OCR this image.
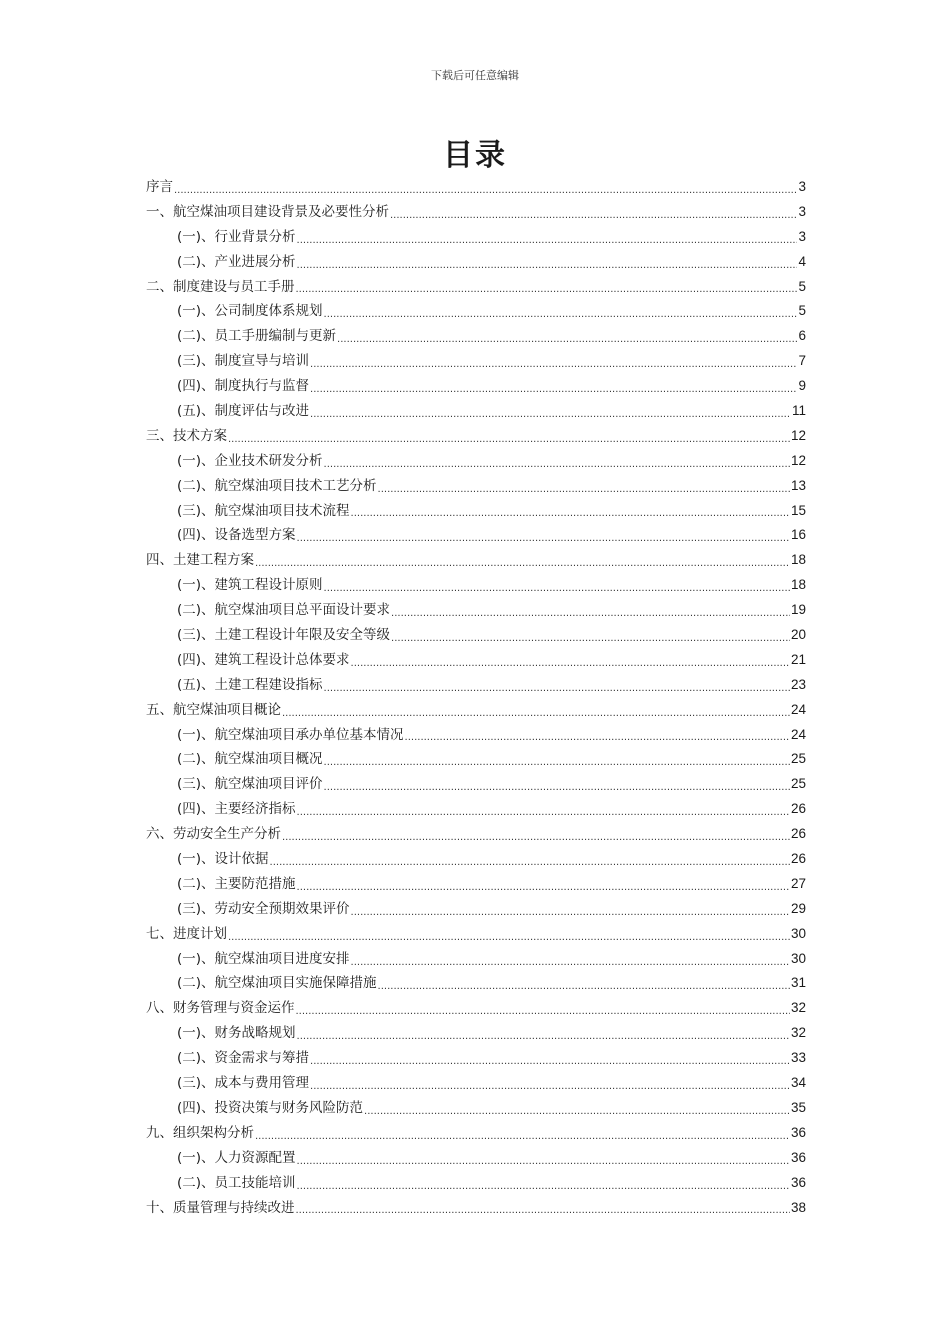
下载后可任意编辑
目录
序言 .....	3
一、航空煤油项目建设背景及必要性分析 .....	3
(一)、行业背景分析 .....	3
(二)、产业进展分析 .....	4
二、制度建设与员工手册 .....	5
(一)、公司制度体系规划 .....	5
(二)、员工手册编制与更新 .....	6
(三)、制度宣导与培训 .....	7
(四)、制度执行与监督 .....	9
(五)、制度评估与改进 .....	11
三、技术方案 .....	12
(一)、企业技术研发分析 .....	12
(二)、航空煤油项目技术工艺分析 .....	13
(三)、航空煤油项目技术流程 .....	15
(四)、设备选型方案 .....	16
四、土建工程方案 .....	18
(一)、建筑工程设计原则 .....	18
(二)、航空煤油项目总平面设计要求 .....	19
(三)、土建工程设计年限及安全等级 .....	20
(四)、建筑工程设计总体要求 .....	21
(五)、土建工程建设指标 .....	23
五、航空煤油项目概论 .....	24
(一)、航空煤油项目承办单位基本情况 .....	24
(二)、航空煤油项目概况 .....	25
(三)、航空煤油项目评价 .....	25
(四)、主要经济指标 .....	26
六、劳动安全生产分析 .....	26
(一)、设计依据 .....	26
(二)、主要防范措施 .....	27
(三)、劳动安全预期效果评价 .....	29
七、进度计划 .....	30
(一)、航空煤油项目进度安排 .....	30
(二)、航空煤油项目实施保障措施 .....	31
八、财务管理与资金运作 .....	32
(一)、财务战略规划 .....	32
(二)、资金需求与筹措 .....	33
(三)、成本与费用管理 .....	34
(四)、投资决策与财务风险防范 .....	35
九、组织架构分析 .....	36
(一)、人力资源配置 .....	36
(二)、员工技能培训 .....	36
十、质量管理与持续改进 .....	38
